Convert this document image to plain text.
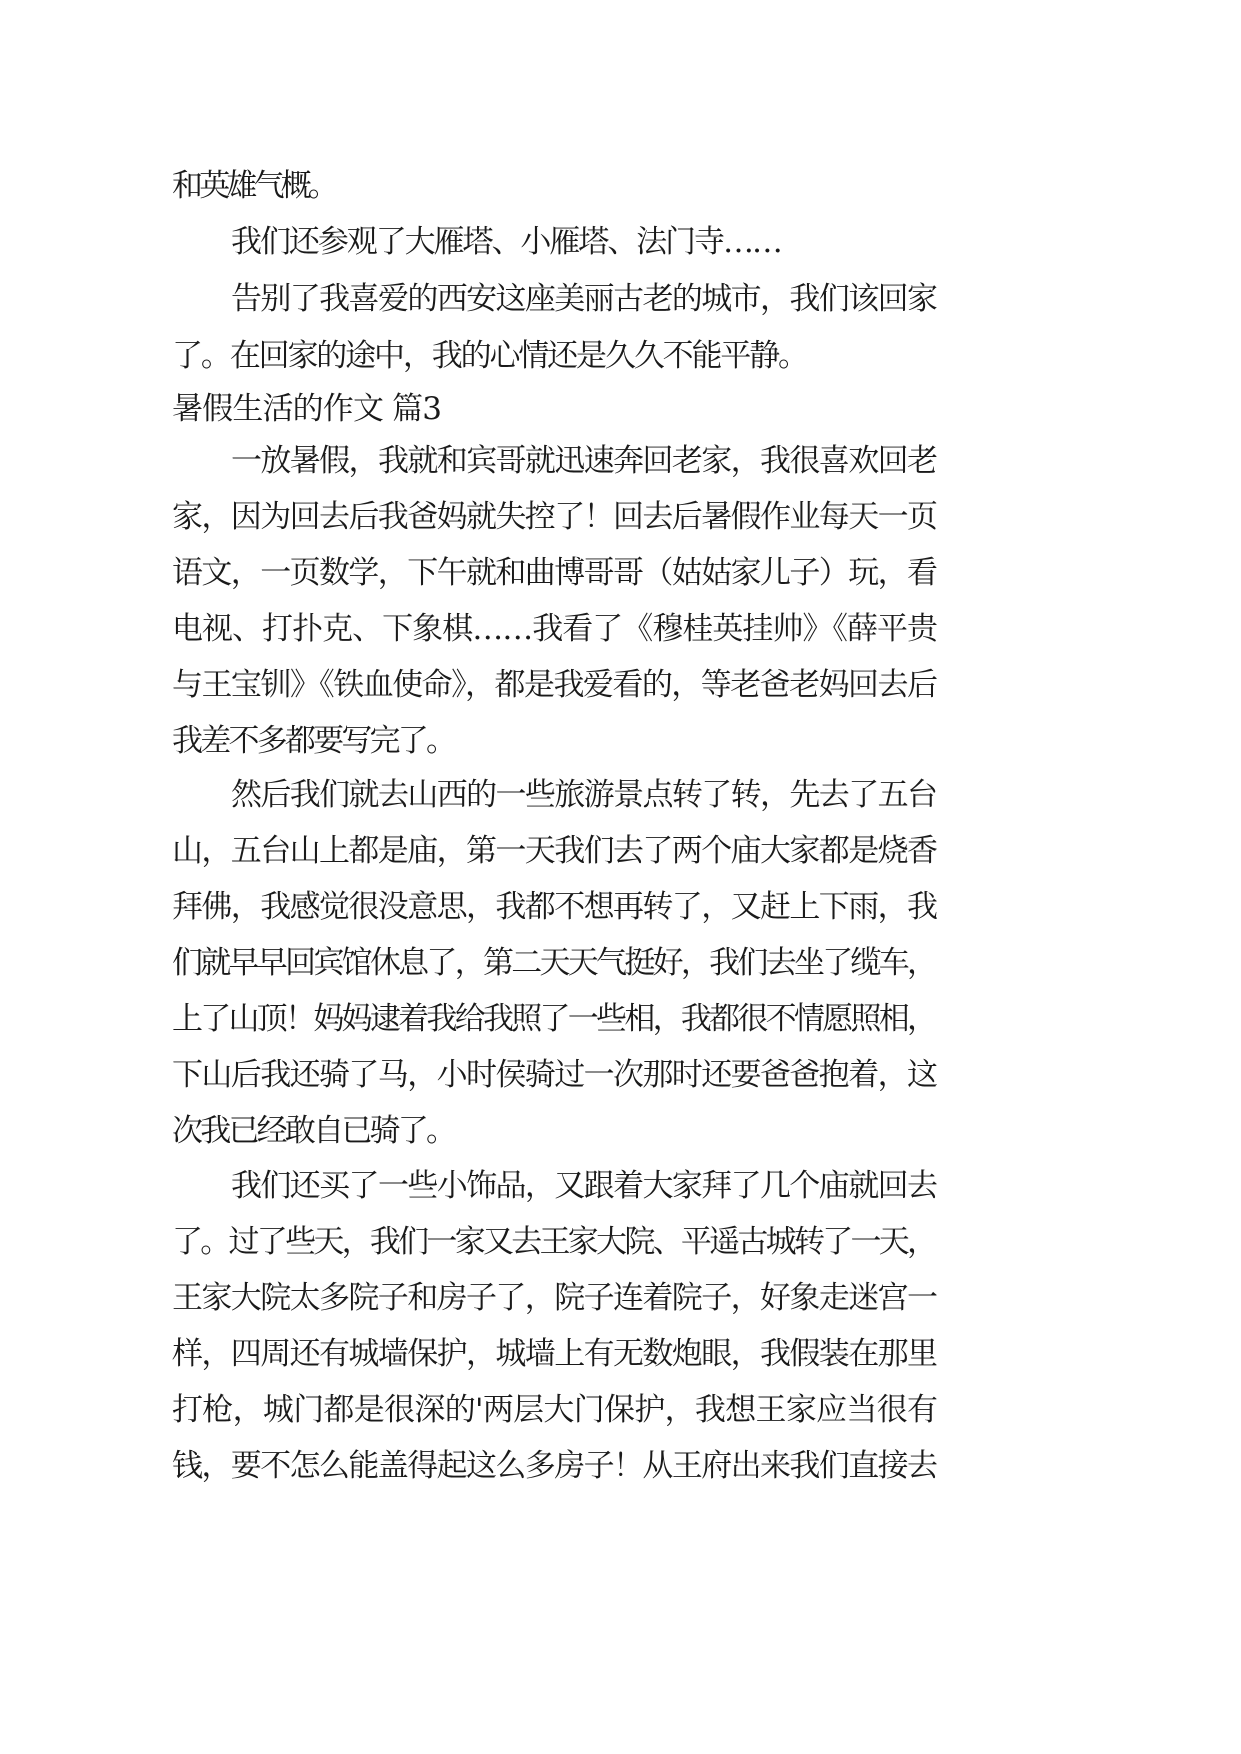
和英雄气概。
我们还参观了大雁塔、小雁塔、法门寺……
告别了我喜爱的西安这座美丽古老的城市，我们该回家
了。在回家的途中，我的心情还是久久不能平静。
暑假生活的作文 篇3
一放暑假，我就和宾哥就迅速奔回老家，我很喜欢回老
家，因为回去后我爸妈就失控了！回去后暑假作业每天一页
语文，一页数学，下午就和曲博哥哥（姑姑家儿子）玩，看
电视、打扑克、下象棋……我看了《穆桂英挂帅》《薛平贵
与王宝钏》《铁血使命》，都是我爱看的，等老爸老妈回去后
我差不多都要写完了。
然后我们就去山西的一些旅游景点转了转，先去了五台
山，五台山上都是庙，第一天我们去了两个庙大家都是烧香
拜佛，我感觉很没意思，我都不想再转了，又赶上下雨，我
们就早早回宾馆休息了，第二天天气挺好，我们去坐了缆车，
上了山顶！妈妈逮着我给我照了一些相，我都很不情愿照相，
下山后我还骑了马，小时侯骑过一次那时还要爸爸抱着，这
次我已经敢自已骑了。
我们还买了一些小饰品，又跟着大家拜了几个庙就回去
了。过了些天，我们一家又去王家大院、平遥古城转了一天，
王家大院太多院子和房子了，院子连着院子，好象走迷宫一
样，四周还有城墙保护，城墙上有无数炮眼，我假装在那里
打枪，城门都是很深的'两层大门保护，我想王家应当很有
钱，要不怎么能盖得起这么多房子！从王府出来我们直接去
